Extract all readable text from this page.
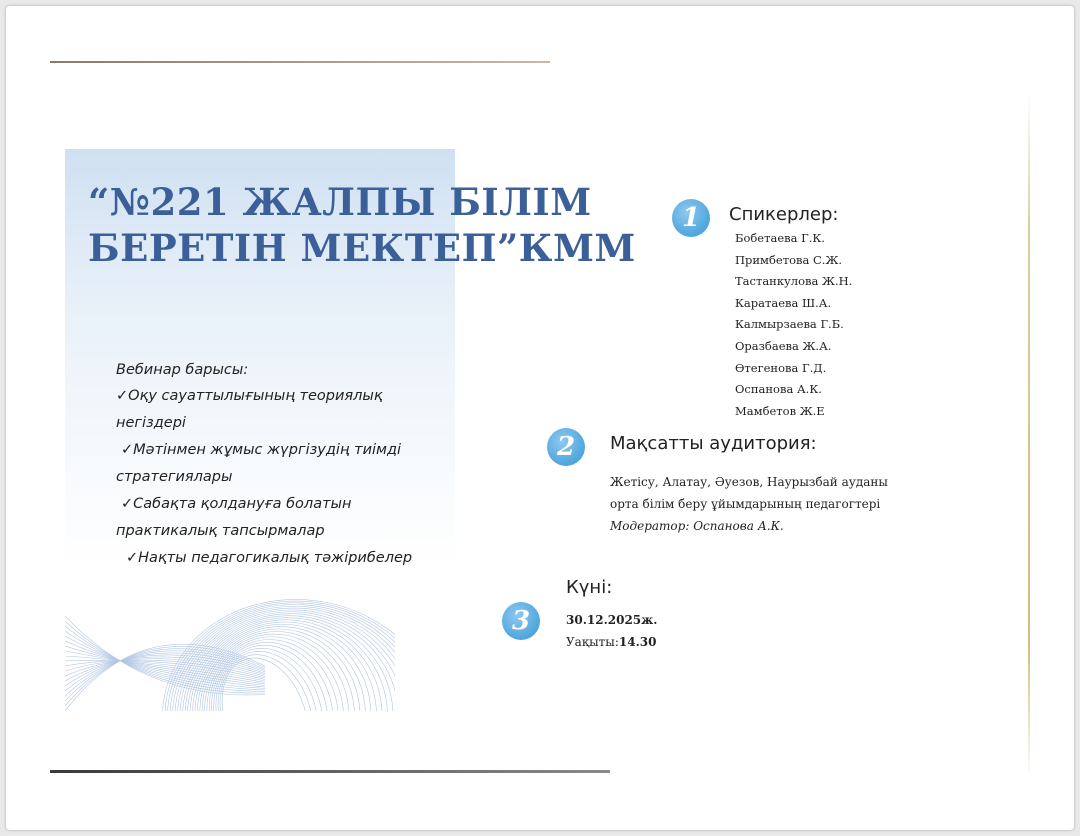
“№221 ЖАЛПЫ БІЛІМ
БЕРЕТІН МЕКТЕП”КММ
Вебинар барысы:
✓Оқу сауаттылығының теориялық
негіздері
✓Мәтінмен жұмыс жүргізудің тиімді
стратегиялары
✓Сабақта қолдануға болатын
практикалық тапсырмалар
✓Нақты педагогикалық тәжірибелер
1	Спикерлер:
Бобетаева Г.К.
Примбетова С.Ж.
Тастанкулова Ж.Н.
Каратаева Ш.А.
Калмырзаева Г.Б.
Оразбаева Ж.А.
Өтегенова Г.Д.
Оспанова А.К.
Мамбетов Ж.Е
2	Мақсатты аудитория:
Жетісу, Алатау, Әуезов, Наурызбай ауданы
орта білім беру ұйымдарының педагогтері
Модератор: Оспанова А.К.
3
Күні:
30.12.2025ж.
Уақыты:14.30
